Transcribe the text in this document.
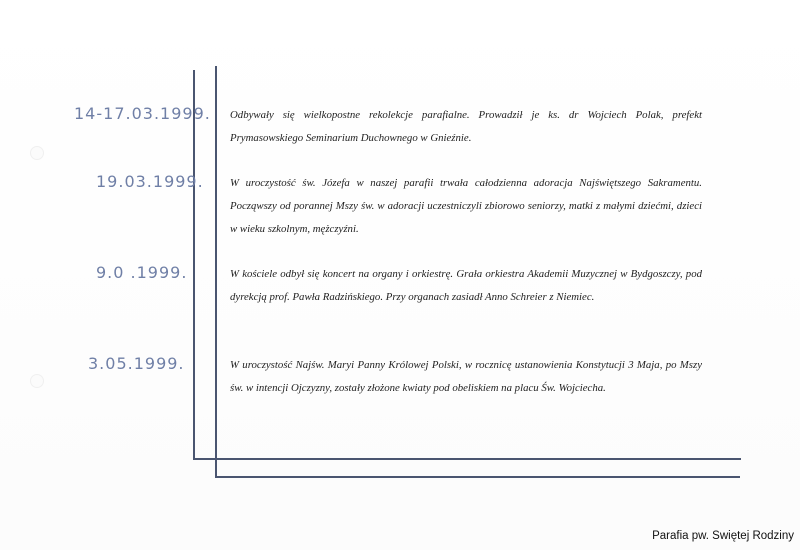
14-17.03.1999. Odbywały się wielkopostne rekolekcje parafialne. Prowadził je ks. dr Wojciech Polak, prefekt Prymasowskiego Seminarium Duchownego w Gnieźnie.
19.03.1999. W uroczystość św. Józefa w naszej parafii trwała całodzienna adoracja Najświętszego Sakramentu. Począwszy od porannej Mszy św. w adoracji uczestniczyli zbiorowo seniorzy, matki z małymi dziećmi, dzieci w wieku szkolnym, mężczyźni.
9.0 .1999.	W kościele odbył się koncert na organy i orkiestrę. Grała orkiestra Akademii Muzycznej w Bydgoszczy, pod dyrekcją prof. Pawła Radzińskiego. Przy organach zasiadł Anno Schreier z Niemiec.
3.05.1999.	W uroczystość Najśw. Maryi Panny Królowej Polski, w rocznicę ustanowienia Konstytucji 3 Maja, po Mszy św. w intencji Ojczyzny, zostały złożone kwiaty pod obeliskiem na placu Św. Wojciecha.
Parafia pw. Swiętej Rodziny
